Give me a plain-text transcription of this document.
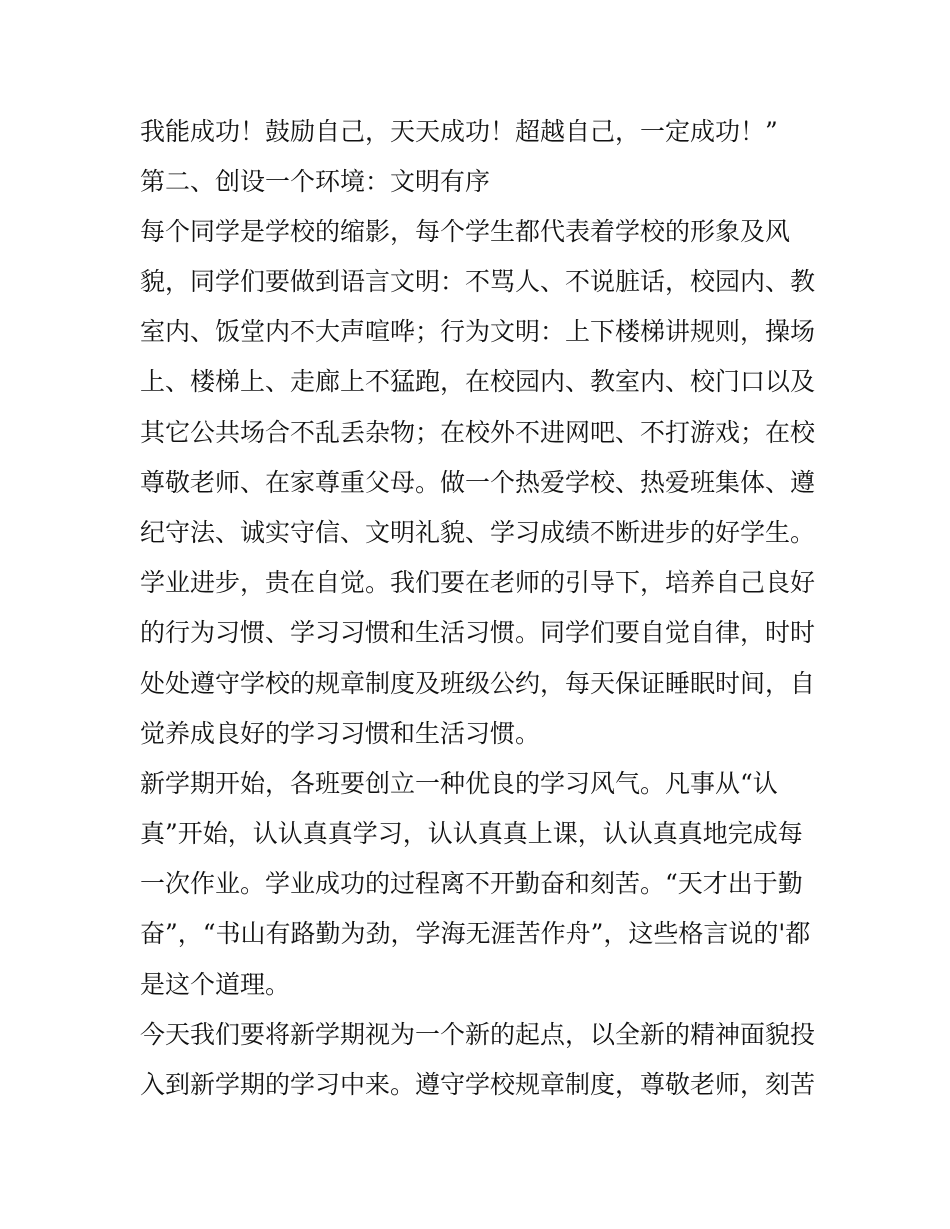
我能成功！鼓励自己，天天成功！超越自己，一定成功！”

第二、创设一个环境：文明有序

每个同学是学校的缩影，每个学生都代表着学校的形象及风

貌，同学们要做到语言文明：不骂人、不说脏话，校园内、教

室内、饭堂内不大声喧哗；行为文明：上下楼梯讲规则，操场

上、楼梯上、走廊上不猛跑，在校园内、教室内、校门口以及

其它公共场合不乱丢杂物；在校外不进网吧、不打游戏；在校

尊敬老师、在家尊重父母。做一个热爱学校、热爱班集体、遵

纪守法、诚实守信、文明礼貌、学习成绩不断进步的好学生。

学业进步，贵在自觉。我们要在老师的引导下，培养自己良好

的行为习惯、学习习惯和生活习惯。同学们要自觉自律，时时

处处遵守学校的规章制度及班级公约，每天保证睡眠时间，自

觉养成良好的学习习惯和生活习惯。

新学期开始，各班要创立一种优良的学习风气。凡事从“认

真”开始，认认真真学习，认认真真上课，认认真真地完成每

一次作业。学业成功的过程离不开勤奋和刻苦。“天才出于勤

奋”，“书山有路勤为劲，学海无涯苦作舟”，这些格言说的'都

是这个道理。

今天我们要将新学期视为一个新的起点，以全新的精神面貌投

入到新学期的学习中来。遵守学校规章制度，尊敬老师，刻苦
